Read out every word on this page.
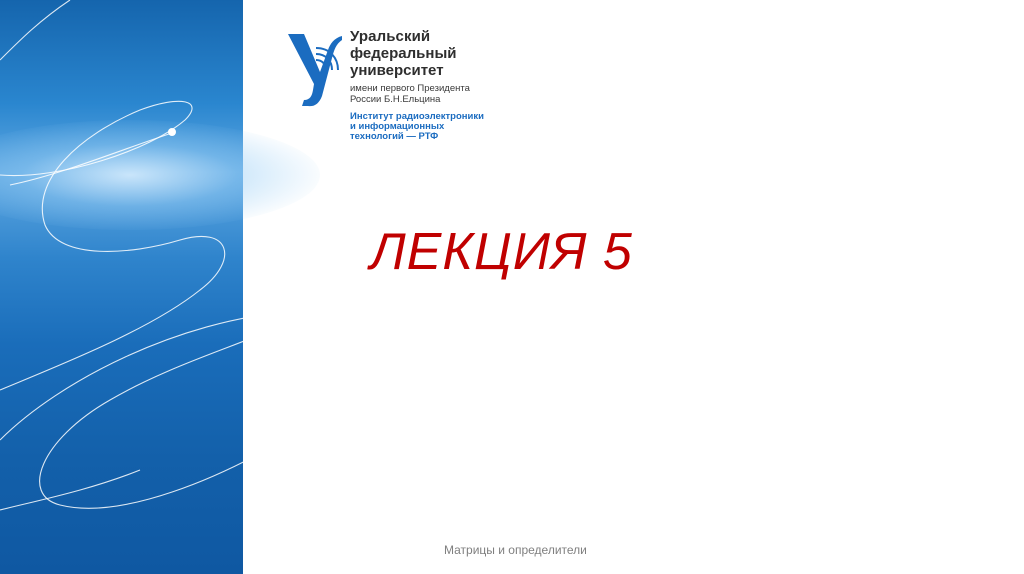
Уральский
федеральный
университет
имени первого Президента
России Б.Н.Ельцина
Институт радиоэлектроники
и информационных
технологий — РТФ
ЛЕКЦИЯ 5
Матрицы и определители
